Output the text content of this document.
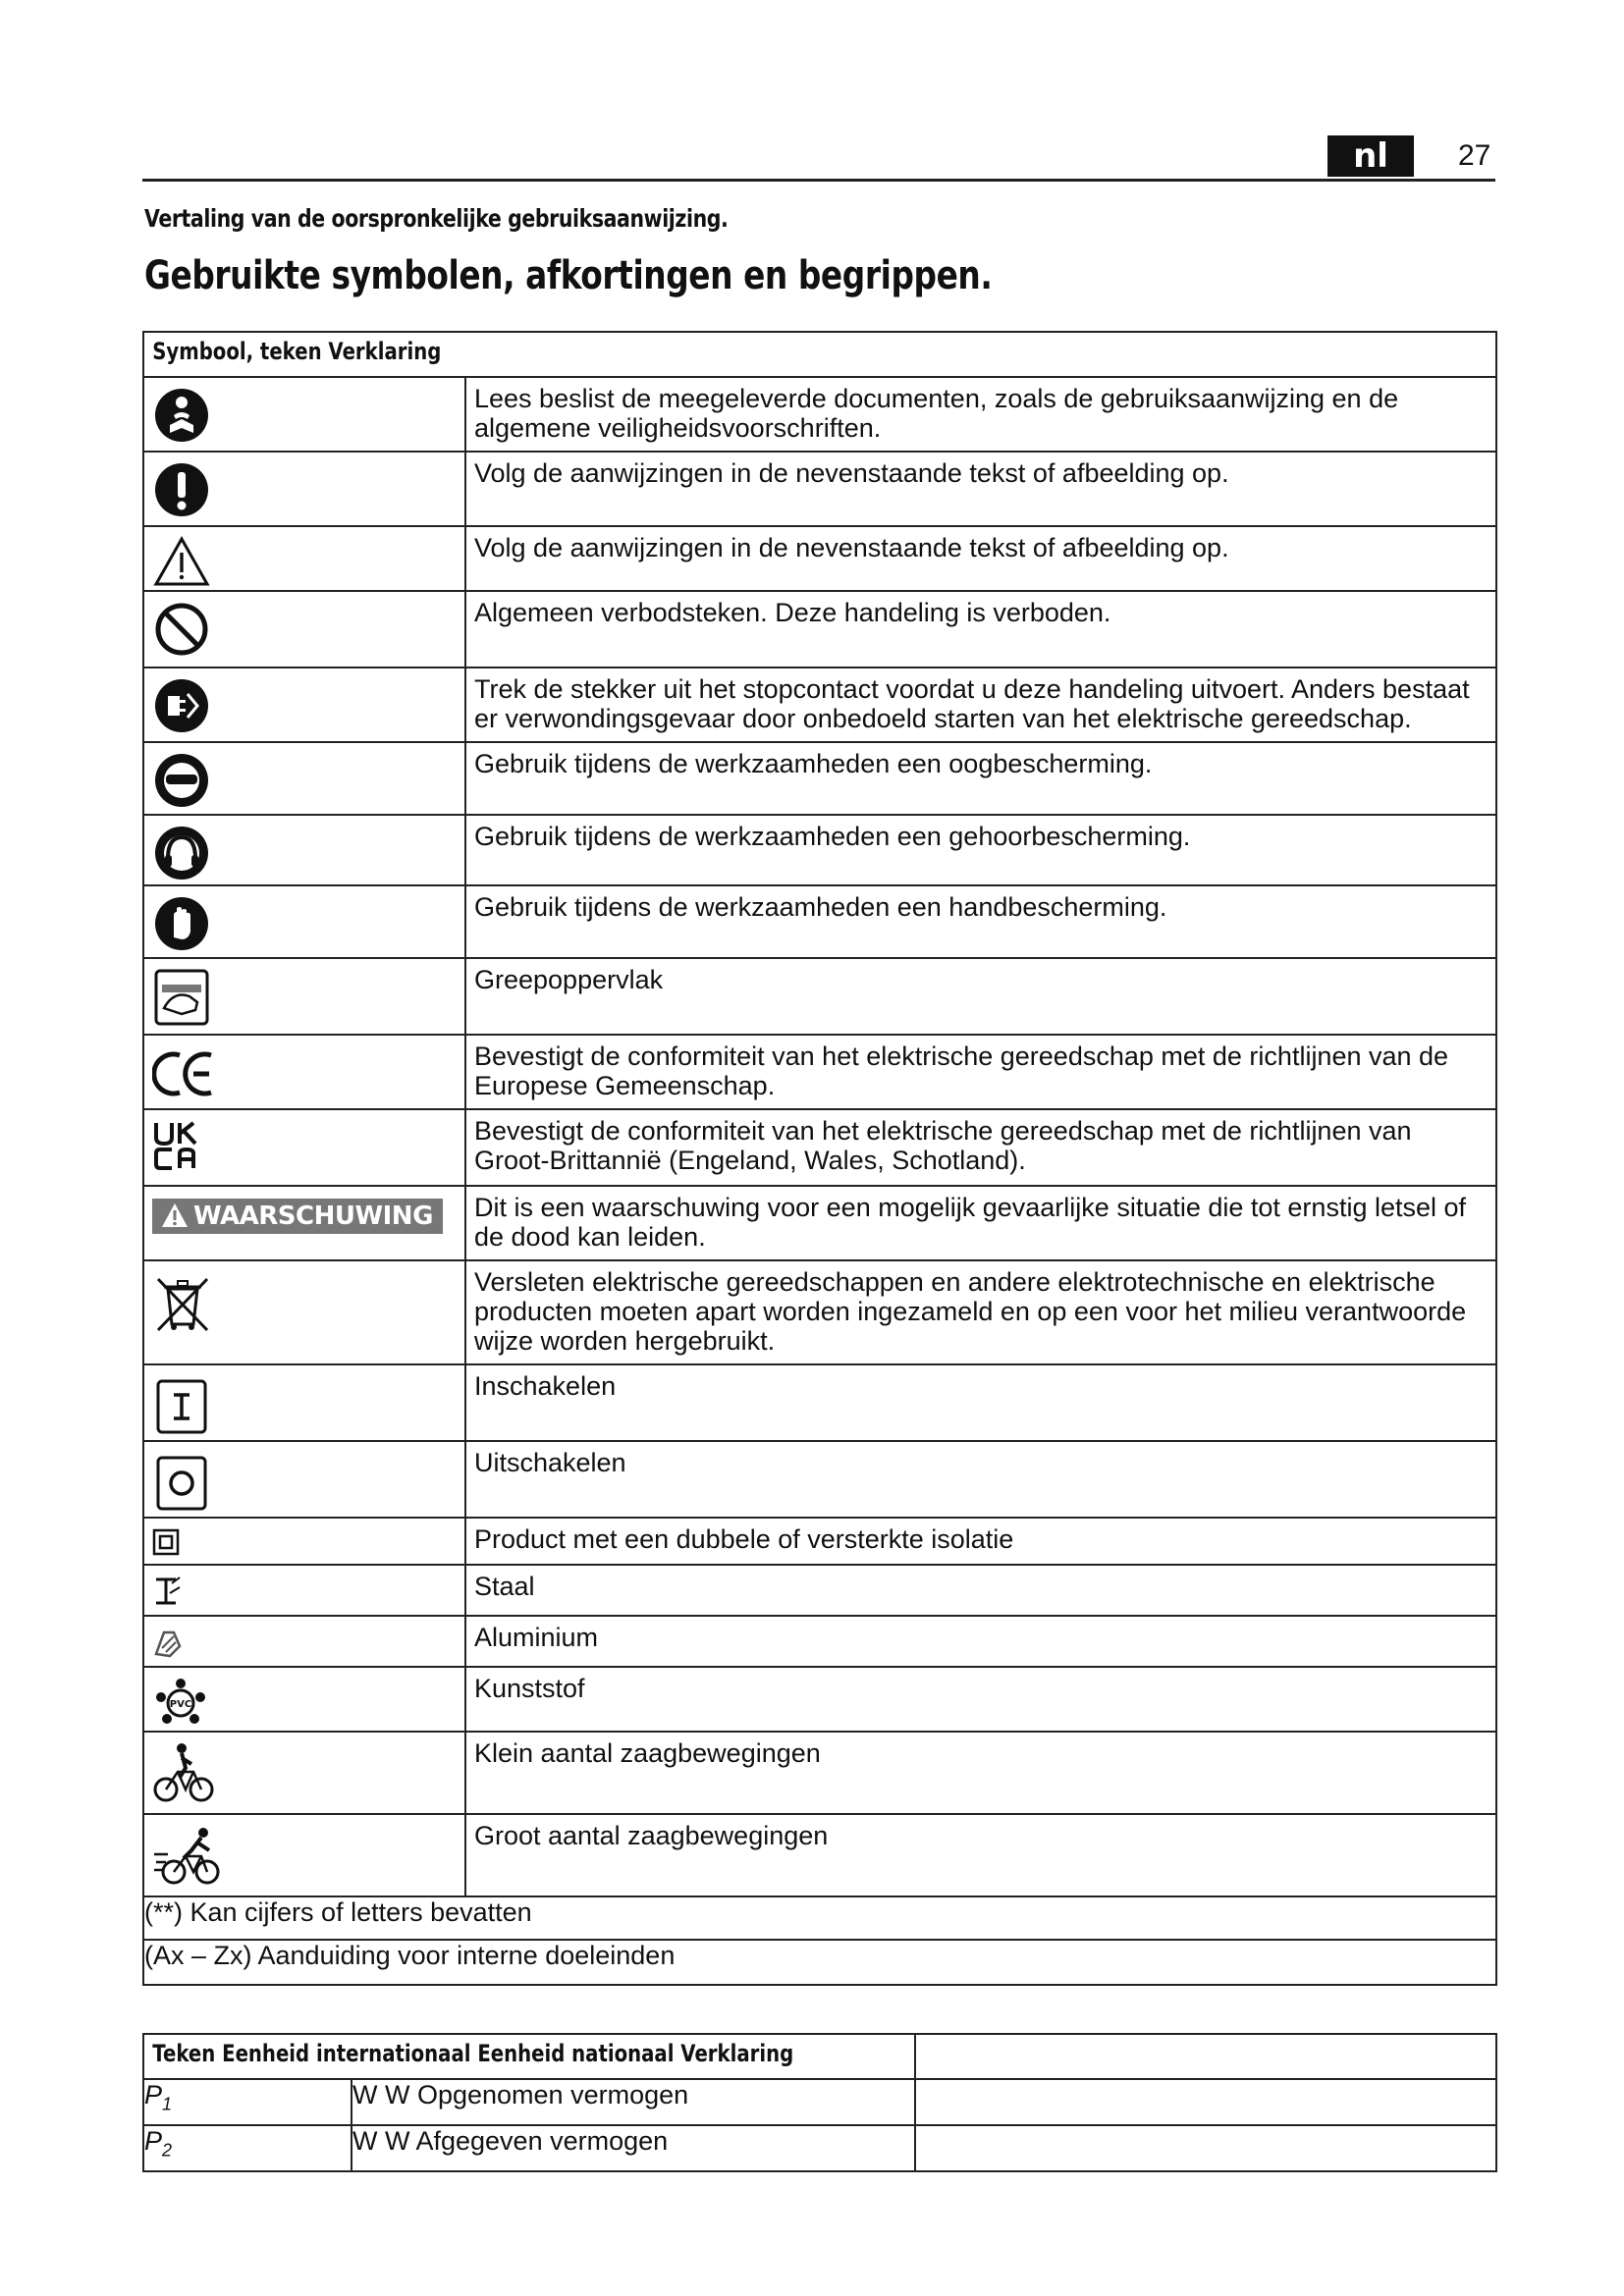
nl	27
Vertaling van de oorspronkelijke gebruiksaanwijzing.
Gebruikte symbolen, afkortingen en begrippen.
Symbool, teken Verklaring	

	Lees beslist de meegeleverde documenten, zoals de gebruiksaanwijzing en de algemene veiligheidsvoorschriften.

	Volg de aanwijzingen in de nevenstaande tekst of afbeelding op.

	Volg de aanwijzingen in de nevenstaande tekst of afbeelding op.

	Algemeen verbodsteken. Deze handeling is verboden.

	Trek de stekker uit het stopcontact voordat u deze handeling uitvoert. Anders bestaat er verwondingsgevaar door onbedoeld starten van het elektrische gereedschap.

	Gebruik tijdens de werkzaamheden een oogbescherming.

	Gebruik tijdens de werkzaamheden een gehoorbescherming.

	Gebruik tijdens de werkzaamheden een handbescherming.

	Greepoppervlak

	Bevestigt de conformiteit van het elektrische gereedschap met de richtlijnen van de Europese Gemeenschap.

	Bevestigt de conformiteit van het elektrische gereedschap met de richtlijnen van Groot-Brittannië (Engeland, Wales, Schotland).

WAARSCHUWING	Dit is een waarschuwing voor een mogelijk gevaarlijke situatie die tot ernstig letsel of de dood kan leiden.

	Versleten elektrische gereedschappen en andere elektrotechnische en elektrische producten moeten apart worden ingezameld en op een voor het milieu verantwoorde wijze worden hergebruikt.

	Inschakelen

	Uitschakelen

	Product met een dubbele of versterkte isolatie

	Staal

	Aluminium

PVC	Kunststof

	Klein aantal zaagbewegingen

	Groot aantal zaagbewegingen
(**) Kan cijfers of letters bevatten	
(Ax – Zx) Aanduiding voor interne doeleinden	
Teken Eenheid internationaal Eenheid nationaal Verklaring		
$P_1$	W W Opgenomen vermogen	
$P_2$	W W Afgegeven vermogen	
